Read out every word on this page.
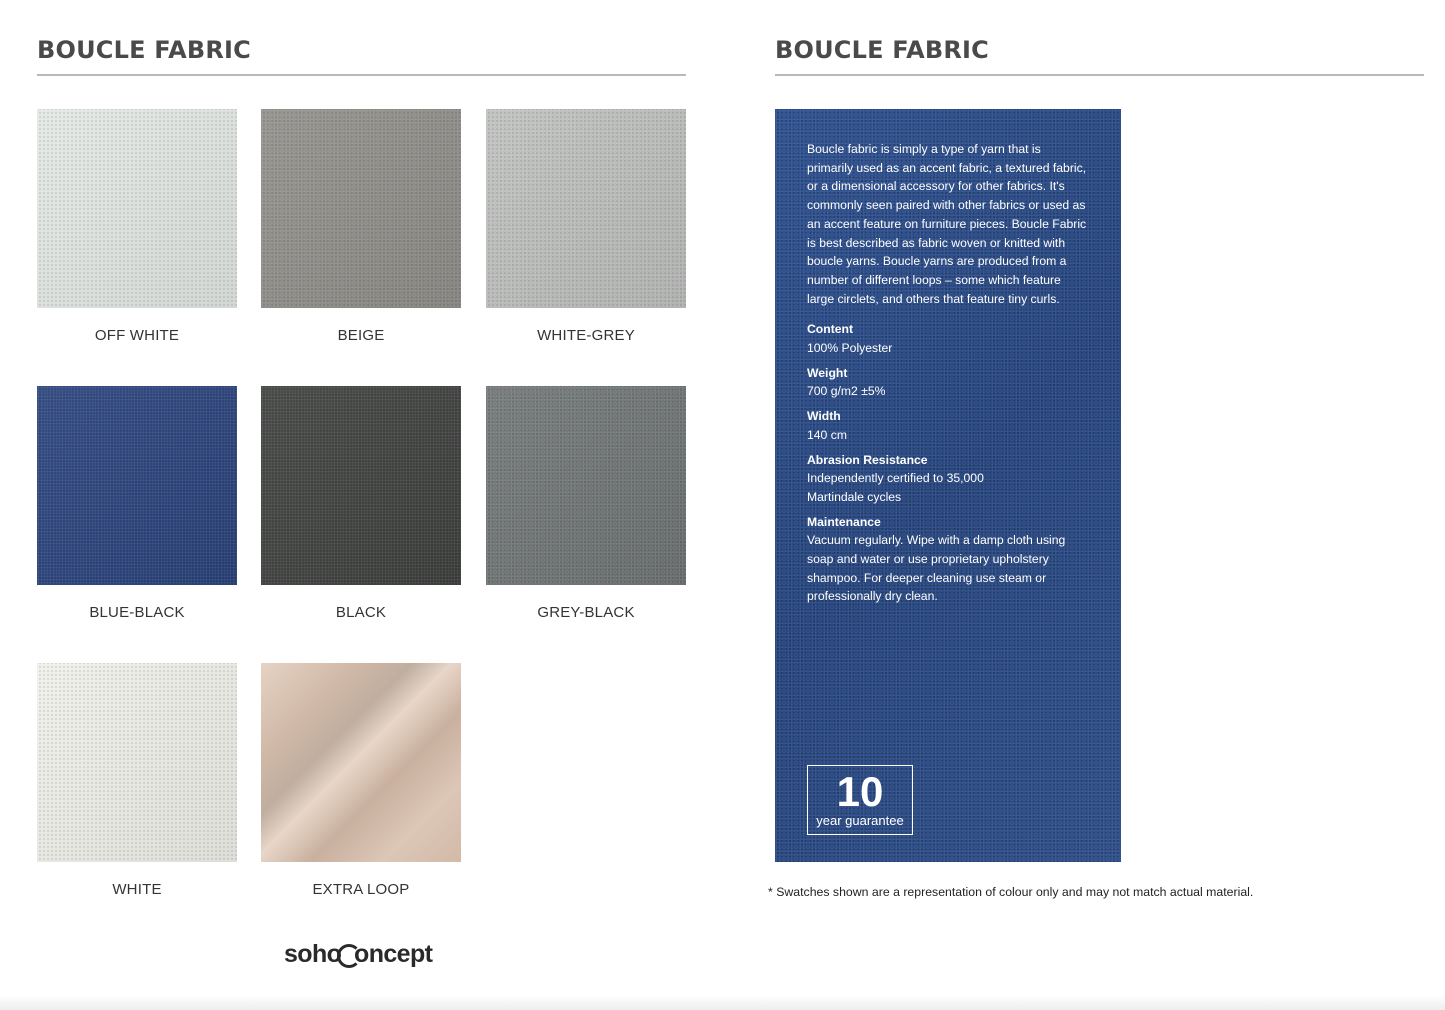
BOUCLE FABRIC
OFF WHITE	BEIGE	WHITE-GREY
BLUE-BLACK	BLACK	GREY-BLACK
WHITE	EXTRA LOOP
soho oncept
BOUCLE FABRIC

Boucle fabric is simply a type of yarn that is primarily used as an accent fabric, a textured fabric, or a dimensional accessory for other fabrics. It's commonly seen paired with other fabrics or used as an accent feature on furniture pieces. Boucle Fabric is best described as fabric woven or knitted with boucle yarns. Boucle yarns are produced from a number of different loops – some which feature large circlets, and others that feature tiny curls.

Content
100% Polyester
Weight
700 g/m2 ±5%
Width
140 cm
Abrasion Resistance
Independently certified to 35,000 Martindale cycles
Maintenance
Vacuum regularly. Wipe with a damp cloth using soap and water or use proprietary upholstery shampoo. For deeper cleaning use steam or professionally dry clean.
10
year guarantee

* Swatches shown are a representation of colour only and may not match actual material.
